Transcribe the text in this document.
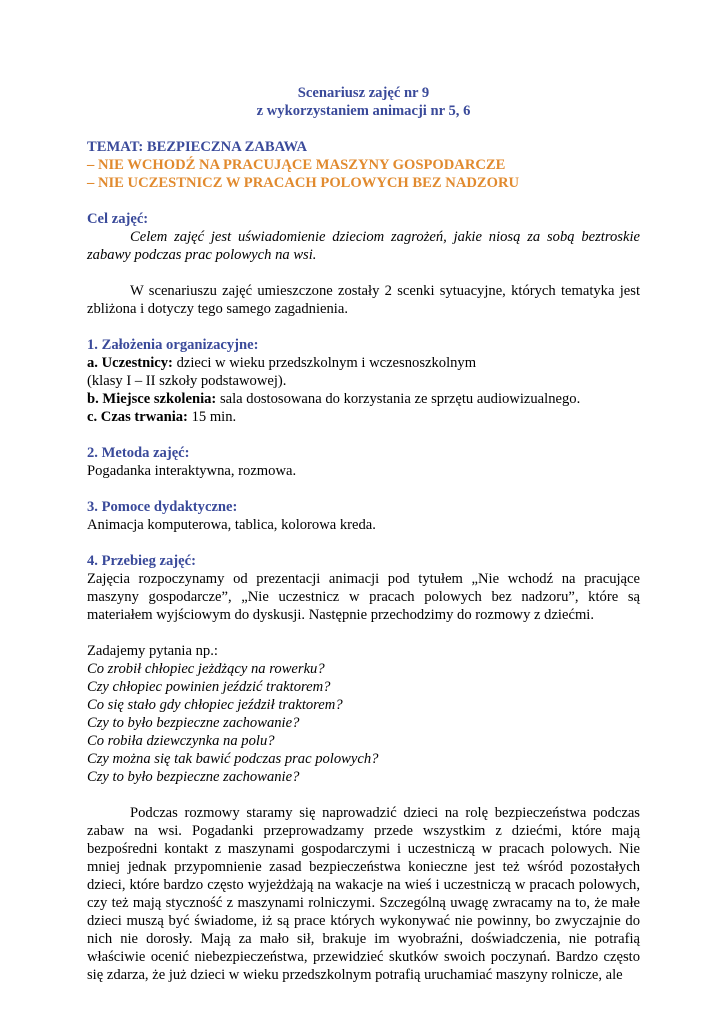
Scenariusz zajęć nr 9

z wykorzystaniem animacji nr 5, 6

TEMAT: BEZPIECZNA ZABAWA

– NIE WCHODŹ NA PRACUJĄCE MASZYNY GOSPODARCZE

– NIE UCZESTNICZ W PRACACH POLOWYCH BEZ NADZORU

Cel zajęć:

Celem zajęć jest uświadomienie dzieciom zagrożeń, jakie niosą za sobą beztroskie zabawy podczas prac polowych na wsi.

W scenariuszu zajęć umieszczone zostały 2 scenki sytuacyjne, których tematyka jest zbliżona i dotyczy tego samego zagadnienia.

1. Założenia organizacyjne:

a. Uczestnicy: dzieci w wieku przedszkolnym i wczesnoszkolnym

(klasy I – II szkoły podstawowej).

b. Miejsce szkolenia: sala dostosowana do korzystania ze sprzętu audiowizualnego.

c. Czas trwania: 15 min.

2. Metoda zajęć:

Pogadanka interaktywna, rozmowa.

3. Pomoce dydaktyczne:

Animacja komputerowa, tablica, kolorowa kreda.

4. Przebieg zajęć:

Zajęcia rozpoczynamy od prezentacji animacji pod tytułem „Nie wchodź na pracujące maszyny gospodarcze”, „Nie uczestnicz w pracach polowych bez nadzoru”, które są materiałem wyjściowym do dyskusji. Następnie przechodzimy do rozmowy z dziećmi.

Zadajemy pytania np.:

Co zrobił chłopiec jeżdżący na rowerku?

Czy chłopiec powinien jeździć traktorem?

Co się stało gdy chłopiec jeździł traktorem?

Czy to było bezpieczne zachowanie?

Co robiła dziewczynka na polu?

Czy można się tak bawić podczas prac polowych?

Czy to było bezpieczne zachowanie?

Podczas rozmowy staramy się naprowadzić dzieci na rolę bezpieczeństwa podczas zabaw na wsi. Pogadanki przeprowadzamy przede wszystkim z dziećmi, które mają bezpośredni kontakt z maszynami gospodarczymi i uczestniczą w pracach polowych. Nie mniej jednak przypomnienie zasad bezpieczeństwa konieczne jest też wśród pozostałych dzieci, które bardzo często wyjeżdżają na wakacje na wieś i uczestniczą w pracach polowych, czy też mają styczność z maszynami rolniczymi. Szczególną uwagę zwracamy na to, że małe dzieci muszą być świadome, iż są prace których wykonywać nie powinny, bo zwyczajnie do nich nie dorosły. Mają za mało sił, brakuje im wyobraźni, doświadczenia, nie potrafią właściwie ocenić niebezpieczeństwa, przewidzieć skutków swoich poczynań. Bardzo często się zdarza, że już dzieci w wieku przedszkolnym potrafią uruchamiać maszyny rolnicze, ale
